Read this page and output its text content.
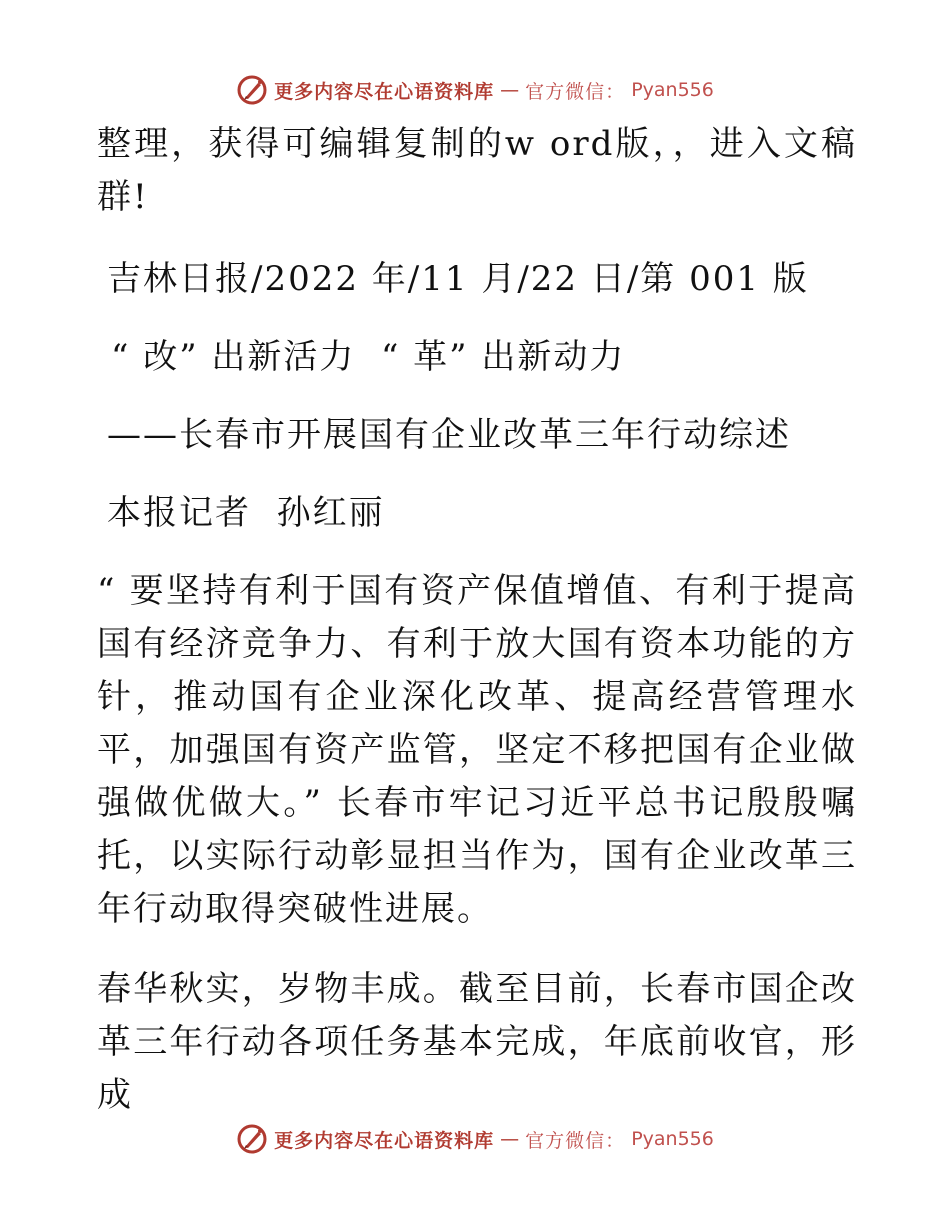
更多内容尽在心语资料库 — 官方微信： Pyan556

整理，获得可编辑复制的w ord版，，进入文稿群!

吉林日报/2022 年/11 月/22 日/第 001 版

“ 改” 出新活力  “ 革” 出新动力

——长春市开展国有企业改革三年行动综述

本报记者  孙红丽

“ 要坚持有利于国有资产保值增值、有利于提高国有经济竞争力、有利于放大国有资本功能的方针，推动国有企业深化改革、提高经营管理水平，加强国有资产监管，坚定不移把国有企业做强做优做大。” 长春市牢记习近平总书记殷殷嘱托，以实际行动彰显担当作为，国有企业改革三年行动取得突破性进展。

春华秋实，岁物丰成。截至目前，长春市国企改革三年行动各项任务基本完成，年底前收官，形成

更多内容尽在心语资料库 — 官方微信： Pyan556
